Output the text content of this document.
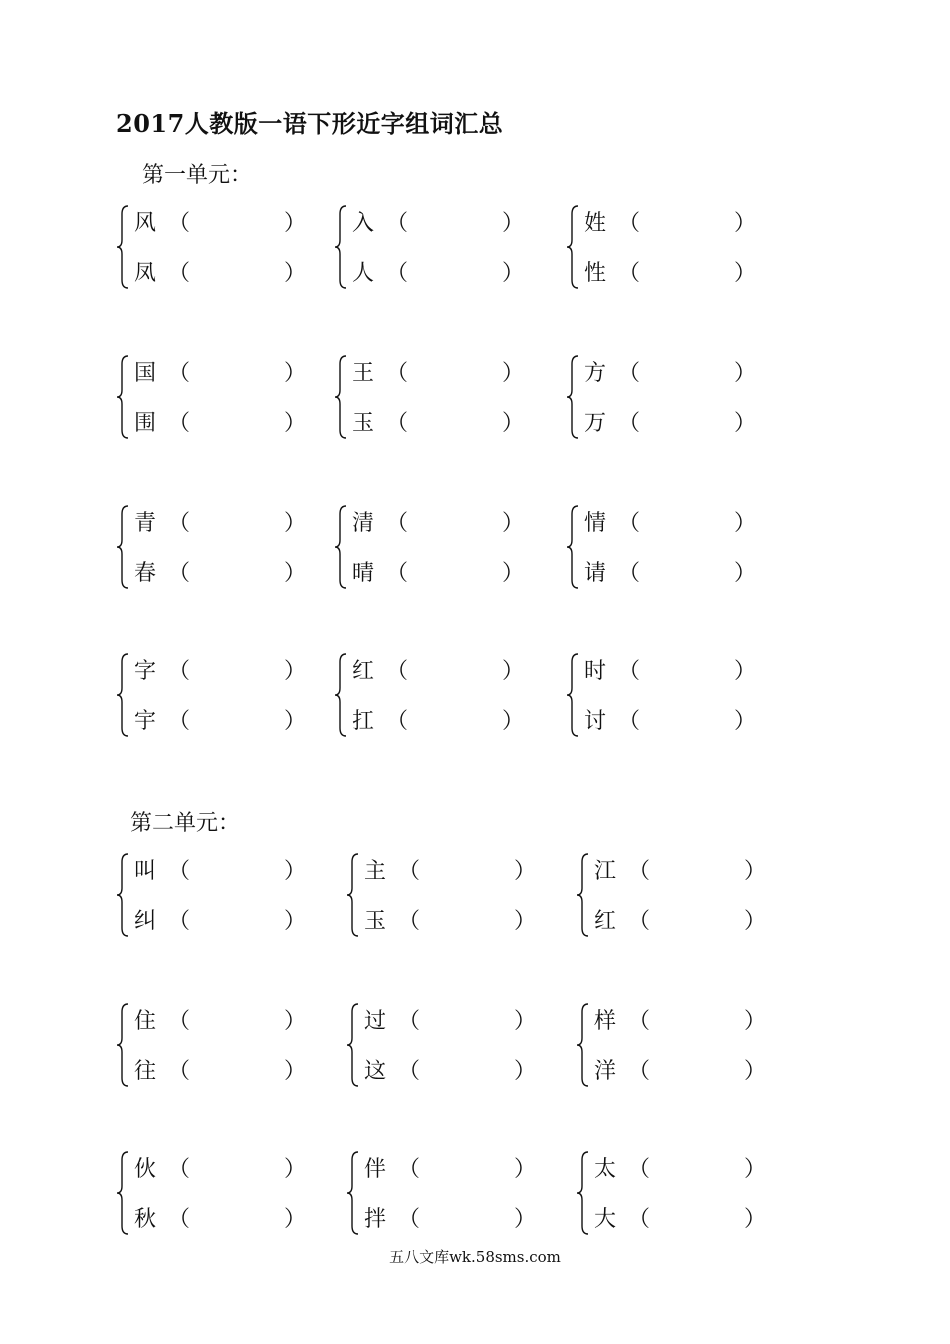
2017人教版一语下形近字组词汇总
第一单元：
第二单元：
风 （	）
凤 （	）
入 （	）
人 （	）
姓 （	）
性 （	）
国 （	）
围 （	）
王 （	）
玉 （	）
方 （	）
万 （	）
青 （	）
春 （	）
清 （	）
晴 （	）
情 （	）
请 （	）
字 （	）
宇 （	）
红 （	）
扛 （	）
时 （	）
讨 （	）
叫 （	）
纠 （	）
主 （	）
玉 （	）
江 （	）
红 （	）
住 （	）
往 （	）
过 （	）
这 （	）
样 （	）
洋 （	）
伙 （	）
秋 （	）
伴 （	）
拌 （	）
太 （	）
大 （	）
五八文库wk.58sms.com
